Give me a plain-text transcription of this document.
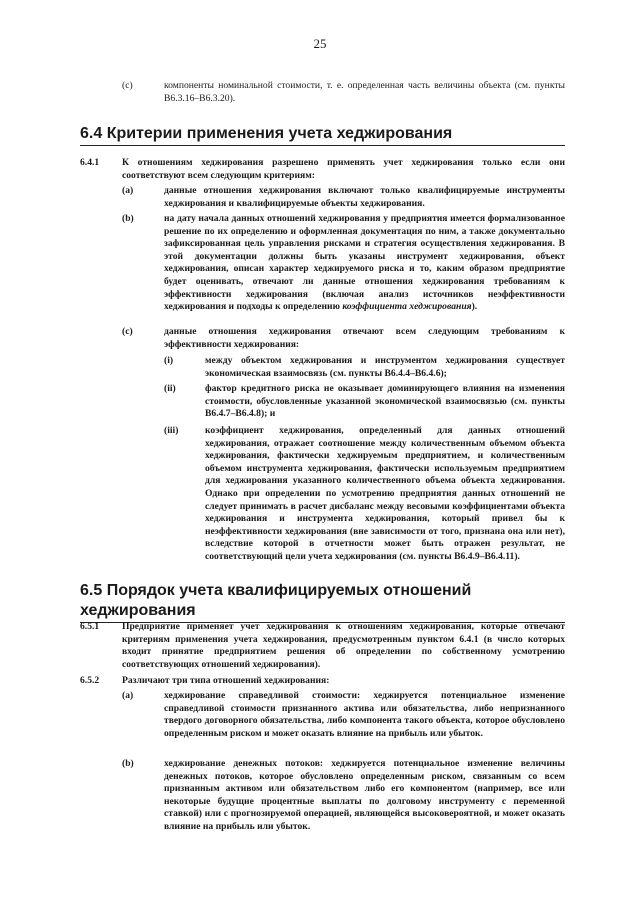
25
(c)	компоненты номинальной стоимости, т. е. определенная часть величины объекта (см. пункты В6.3.16–В6.3.20).
6.4 Критерии применения учета хеджирования
6.4.1 К отношениям хеджирования разрешено применять учет хеджирования только если они соответствуют всем следующим критериям:
(a)	данные отношения хеджирования включают только квалифицируемые инструменты хеджирования и квалифицируемые объекты хеджирования.
(b)	на дату начала данных отношений хеджирования у предприятия имеется формализованное решение по их определению и оформленная документация по ним, а также документально зафиксированная цель управления рисками и стратегия осуществления хеджирования. В этой документации должны быть указаны инструмент хеджирования, объект хеджирования, описан характер хеджируемого риска и то, каким образом предприятие будет оценивать, отвечают ли данные отношения хеджирования требованиям к эффективности хеджирования (включая анализ источников неэффективности хеджирования и подходы к определению коэффициента хеджирования).
(c)	данные отношения хеджирования отвечают всем следующим требованиям к эффективности хеджирования:
(i)	между объектом хеджирования и инструментом хеджирования существует экономическая взаимосвязь (см. пункты В6.4.4–В6.4.6);
(ii)	фактор кредитного риска не оказывает доминирующего влияния на изменения стоимости, обусловленные указанной экономической взаимосвязью (см. пункты В6.4.7–В6.4.8); и
(iii)	коэффициент хеджирования, определенный для данных отношений хеджирования, отражает соотношение между количественным объемом объекта хеджирования, фактически хеджируемым предприятием, и количественным объемом инструмента хеджирования, фактически используемым предприятием для хеджирования указанного количественного объема объекта хеджирования. Однако при определении по усмотрению предприятия данных отношений не следует принимать в расчет дисбаланс между весовыми коэффициентами объекта хеджирования и инструмента хеджирования, который привел бы к неэффективности хеджирования (вне зависимости от того, признана она или нет), вследствие которой в отчетности может быть отражен результат, не соответствующий цели учета хеджирования (см. пункты В6.4.9–В6.4.11).
6.5 Порядок учета квалифицируемых отношений хеджирования
6.5.1 Предприятие применяет учет хеджирования к отношениям хеджирования, которые отвечают критериям применения учета хеджирования, предусмотренным пунктом 6.4.1 (в число которых входит принятие предприятием решения об определении по собственному усмотрению соответствующих отношений хеджирования).
6.5.2 Различают три типа отношений хеджирования:
(a)	хеджирование справедливой стоимости: хеджируется потенциальное изменение справедливой стоимости признанного актива или обязательства, либо непризнанного твердого договорного обязательства, либо компонента такого объекта, которое обусловлено определенным риском и может оказать влияние на прибыль или убыток.
(b)	хеджирование денежных потоков: хеджируется потенциальное изменение величины денежных потоков, которое обусловлено определенным риском, связанным со всем признанным активом или обязательством либо его компонентом (например, все или некоторые будущие процентные выплаты по долговому инструменту с переменной ставкой) или с прогнозируемой операцией, являющейся высоковероятной, и может оказать влияние на прибыль или убыток.
